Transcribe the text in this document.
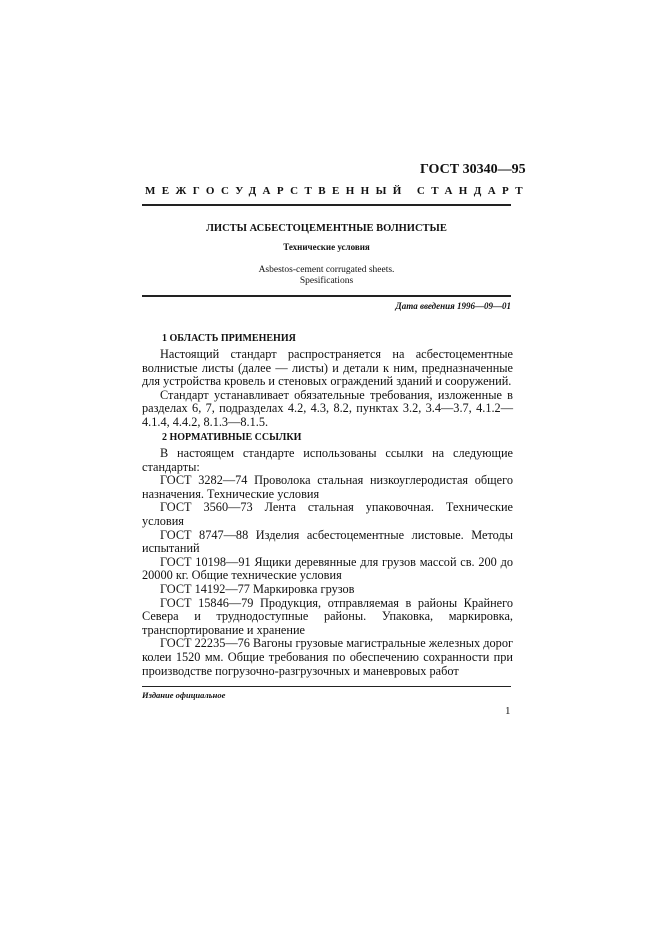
ГОСТ 30340—95
МЕЖГОСУДАРСТВЕННЫЙ СТАНДАРТ
ЛИСТЫ АСБЕСТОЦЕМЕНТНЫЕ ВОЛНИСТЫЕ
Технические условия
Asbestos-cement corrugated sheets.
Spesifications
Дата введения 1996—09—01
1 ОБЛАСТЬ ПРИМЕНЕНИЯ

Настоящий стандарт распространяется на асбестоцементные волнистые листы (далее — листы) и детали к ним, предназначенные для устройства кровель и стеновых ограждений зданий и сооружений.

Стандарт устанавливает обязательные требования, изложенные в разделах 6, 7, подразделах 4.2, 4.3, 8.2, пунктах 3.2, 3.4—3.7, 4.1.2—4.1.4, 4.4.2, 8.1.3—8.1.5.

2 НОРМАТИВНЫЕ ССЫЛКИ

В настоящем стандарте использованы ссылки на следующие стандарты:

ГОСТ 3282—74 Проволока стальная низкоуглеродистая общего назначения. Технические условия

ГОСТ 3560—73 Лента стальная упаковочная. Технические условия

ГОСТ 8747—88 Изделия асбестоцементные листовые. Методы испытаний

ГОСТ 10198—91 Ящики деревянные для грузов массой св. 200 до 20000 кг. Общие технические условия

ГОСТ 14192—77 Маркировка грузов

ГОСТ 15846—79 Продукция, отправляемая в районы Крайнего Севера и труднодоступные районы. Упаковка, маркировка, транспортирование и хранение

ГОСТ 22235—76 Вагоны грузовые магистральные железных дорог колеи 1520 мм. Общие требования по обеспечению сохранности при производстве погрузочно-разгрузочных и маневровых работ

Издание официальное
1
